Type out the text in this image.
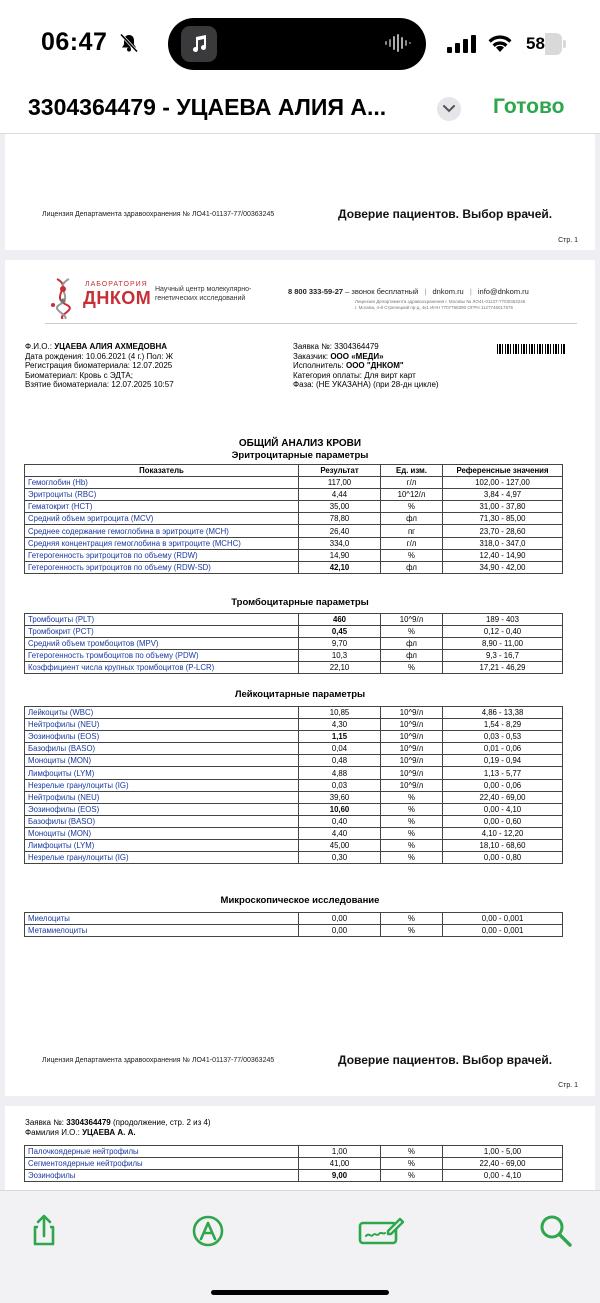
06:47	58
3304364479 - УЦАЕВА АЛИЯ А...	Готово
Лицензия Департамента здравоохранения № ЛО41-01137-77/00363245	Доверие пациентов. Выбор врачей.
Стр. 1
ЛАБОРАТОРИЯ
ДНКОМ Научный центр молекулярно-генетических исследований
8 800 333-59-27 – звонок бесплатный | dnkom.ru | info@dnkom.ru
Лицензия Департамента здравоохранения г. Москвы № ЛО41-01137-77/00363245
г. Москва, 4-й Стрелецкий пр-д, 4к1 ИНН 7707768390 ОГРН 1127746017575
Ф.И.О.: УЦАЕВА АЛИЯ АХМЕДОВНА
Дата рождения: 10.06.2021 (4 г.) Пол: Ж
Регистрация биоматериала: 12.07.2025
Биоматериал: Кровь с ЭДТА;
Взятие биоматериала: 12.07.2025 10:57
Заявка №: 3304364479
Заказчик: ООО «МЕДИ»
Исполнитель: ООО "ДНКОМ"
Категория оплаты: Для вирт карт
Фаза: (НЕ УКАЗАНА) (при 28-дн цикле)
ОБЩИЙ АНАЛИЗ КРОВИ
Эритроцитарные параметры
Показатель	Результат	Ед. изм.	Референсные значения
Гемоглобин (Hb)	117,00	г/л	102,00 - 127,00
Эритроциты (RBC)	4,44	10^12/л	3,84 - 4,97
Гематокрит (HCT)	35,00	%	31,00 - 37,80
Средний объем эритроцита (MCV)	78,80	фл	71,30 - 85,00
Среднее содержание гемоглобина в эритроците (MCH)	26,40	пг	23,70 - 28,60
Средняя концентрация гемоглобина в эритроците (MCHC)	334,0	г/л	318,0 - 347,0
Гетерогенность эритроцитов по объему (RDW)	14,90	%	12,40 - 14,90
Гетерогенность эритроцитов по объему (RDW-SD)	42,10	фл	34,90 - 42,00
Тромбоцитарные параметры
Тромбоциты (PLT)	460	10^9/л	189 - 403
Тромбокрит (PCT)	0,45	%	0,12 - 0,40
Средний объем тромбоцитов (MPV)	9,70	фл	8,90 - 11,00
Гетерогенность тромбоцитов по объему (PDW)	10,3	фл	9,3 - 16,7
Коэффициент числа крупных тромбоцитов (P-LCR)	22,10	%	17,21 - 46,29
Лейкоцитарные параметры
Лейкоциты (WBC)	10,85	10^9/л	4,86 - 13,38
Нейтрофилы (NEU)	4,30	10^9/л	1,54 - 8,29
Эозинофилы (EOS)	1,15	10^9/л	0,03 - 0,53
Базофилы (BASO)	0,04	10^9/л	0,01 - 0,06
Моноциты (MON)	0,48	10^9/л	0,19 - 0,94
Лимфоциты (LYM)	4,88	10^9/л	1,13 - 5,77
Незрелые гранулоциты (IG)	0,03	10^9/л	0,00 - 0,06
Нейтрофилы (NEU)	39,60	%	22,40 - 69,00
Эозинофилы (EOS)	10,60	%	0,00 - 4,10
Базофилы (BASO)	0,40	%	0,00 - 0,60
Моноциты (MON)	4,40	%	4,10 - 12,20
Лимфоциты (LYM)	45,00	%	18,10 - 68,60
Незрелые гранулоциты (IG)	0,30	%	0,00 - 0,80
Микроскопическое исследование
Миелоциты	0,00	%	0,00 - 0,001
Метамиелоциты	0,00	%	0,00 - 0,001
Лицензия Департамента здравоохранения № ЛО41-01137-77/00363245	Доверие пациентов. Выбор врачей.
Стр. 1
Заявка №: 3304364479 (продолжение, стр. 2 из 4)
Фамилия И.О.: УЦАЕВА А. А.
Палочкоядерные нейтрофилы	1,00	%	1,00 - 5,00
Сегментоядерные нейтрофилы	41,00	%	22,40 - 69,00
Эозинофилы	9,00	%	0,00 - 4,10
